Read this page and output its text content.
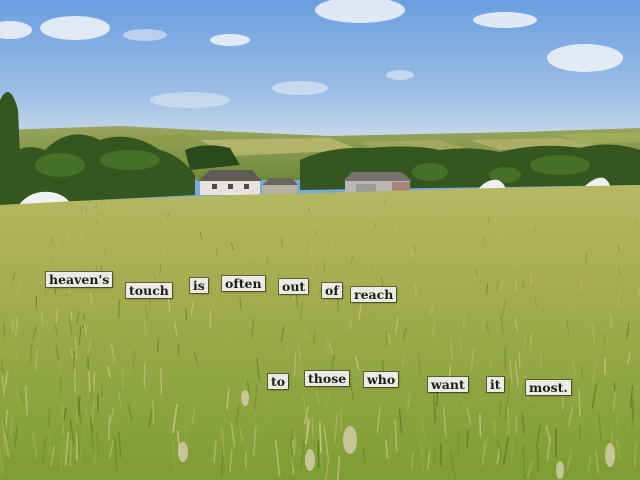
heaven's
touch is often out of reach
to those who	want it most.
